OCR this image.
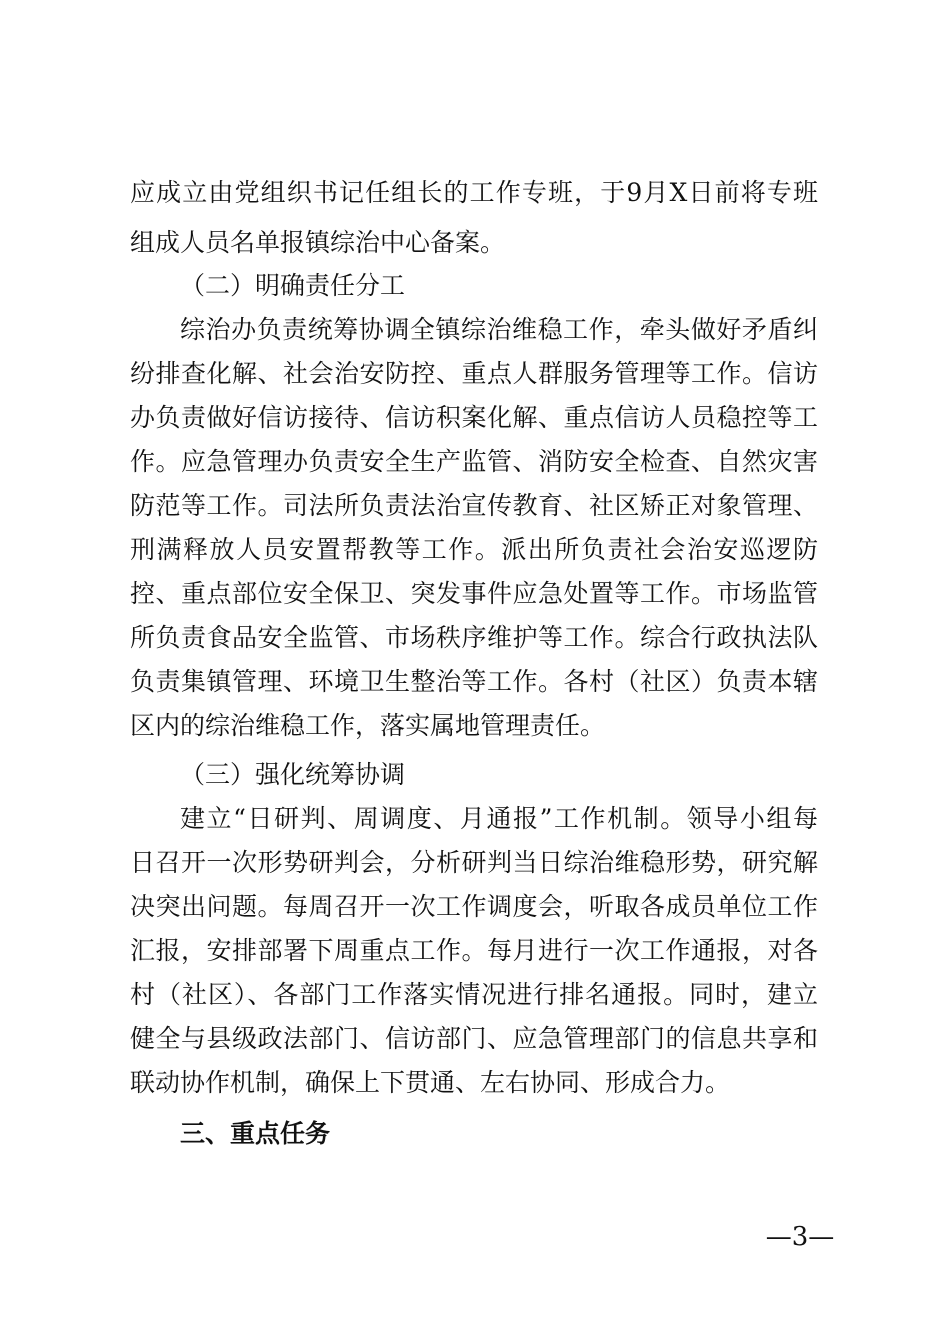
应成立由党组织书记任组长的工作专班，于9月X日前将专班
组成人员名单报镇综治中心备案。
（二）明确责任分工
综治办负责统筹协调全镇综治维稳工作，牵头做好矛盾纠
纷排查化解、社会治安防控、重点人群服务管理等工作。信访
办负责做好信访接待、信访积案化解、重点信访人员稳控等工
作。应急管理办负责安全生产监管、消防安全检查、自然灾害
防范等工作。司法所负责法治宣传教育、社区矫正对象管理、
刑满释放人员安置帮教等工作。派出所负责社会治安巡逻防
控、重点部位安全保卫、突发事件应急处置等工作。市场监管
所负责食品安全监管、市场秩序维护等工作。综合行政执法队
负责集镇管理、环境卫生整治等工作。各村（社区）负责本辖
区内的综治维稳工作，落实属地管理责任。
（三）强化统筹协调
建立“日研判、周调度、月通报”工作机制。领导小组每
日召开一次形势研判会，分析研判当日综治维稳形势，研究解
决突出问题。每周召开一次工作调度会，听取各成员单位工作
汇报，安排部署下周重点工作。每月进行一次工作通报，对各
村（社区）、各部门工作落实情况进行排名通报。同时，建立
健全与县级政法部门、信访部门、应急管理部门的信息共享和
联动协作机制，确保上下贯通、左右协同、形成合力。
三、重点任务
—3—
